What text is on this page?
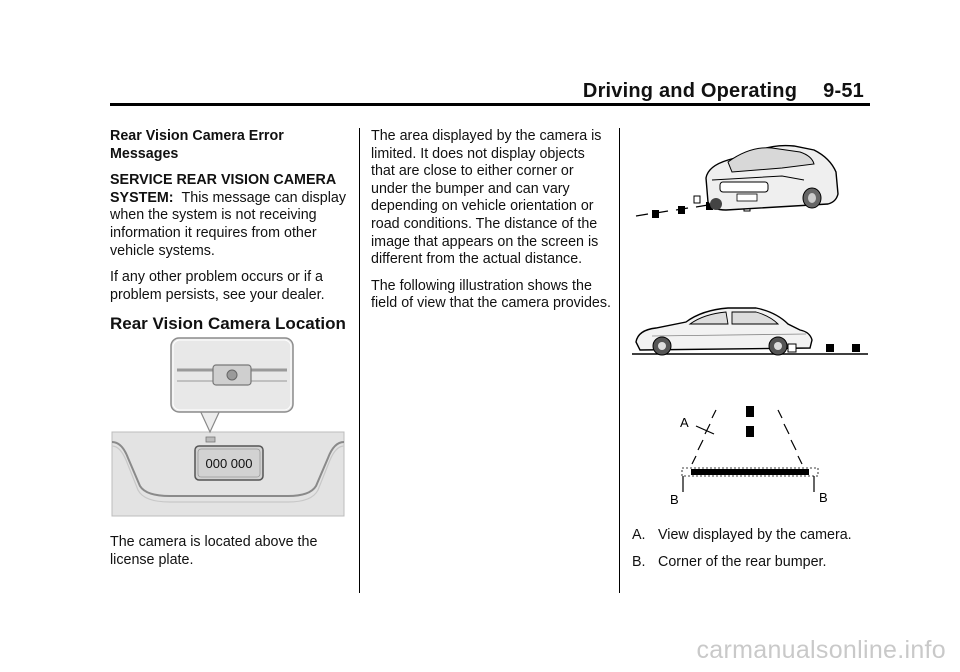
Driving and Operating 9-51

Rear Vision Camera Error Messages

SERVICE REAR VISION CAMERA SYSTEM: This message can display when the system is not receiving information it requires from other vehicle systems.

If any other problem occurs or if a problem persists, see your dealer.

Rear Vision Camera Location
000 000

The camera is located above the license plate.

The area displayed by the camera is limited. It does not display objects that are close to either corner or under the bumper and can vary depending on vehicle orientation or road conditions. The distance of the image that appears on the screen is different from the actual distance.

The following illustration shows the field of view that the camera provides.

A
B	B

A. View displayed by the camera.

B. Corner of the rear bumper.

carmanualsonline.info
